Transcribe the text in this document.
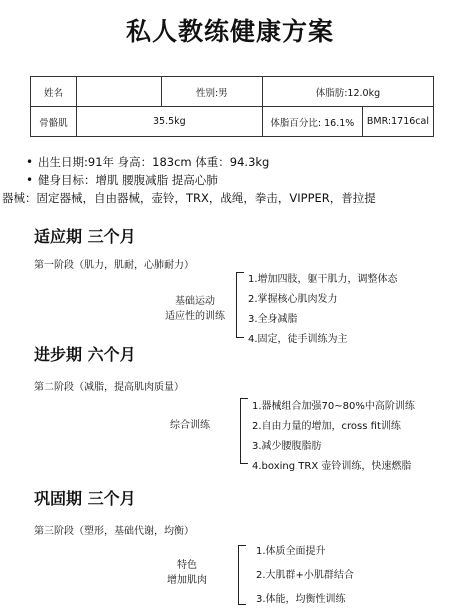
私人教练健康方案
姓名		性别:男	体脂肪:12.0kg	
骨骼肌	35.5kg		体脂百分比: 16.1%	BMR:1716cal
• 出生日期:91年 身高：183cm 体重：94.3kg
• 健身目标：增肌 腰腹减脂 提高心肺
器械：固定器械，自由器械，壶铃，TRX，战绳，拳击，VIPPER，普拉提
适应期 三个月
第一阶段（肌力，肌耐，心肺耐力）
基础运动
适应性的训练
1.增加四肢，躯干肌力，调整体态
2.掌握核心肌肉发力
3.全身减脂
4.固定，徒手训练为主
进步期 六个月
第二阶段（减脂，提高肌肉质量）
综合训练
1.器械组合加强70~80%中高阶训练
2.自由力量的增加，cross fit训练
3.减少腰腹脂肪
4.boxing TRX 壶铃训练，快速燃脂
巩固期 三个月
第三阶段（塑形，基础代谢，均衡）
特色
增加肌肉
1.体质全面提升
2.大肌群+小肌群结合
3.体能，均衡性训练
